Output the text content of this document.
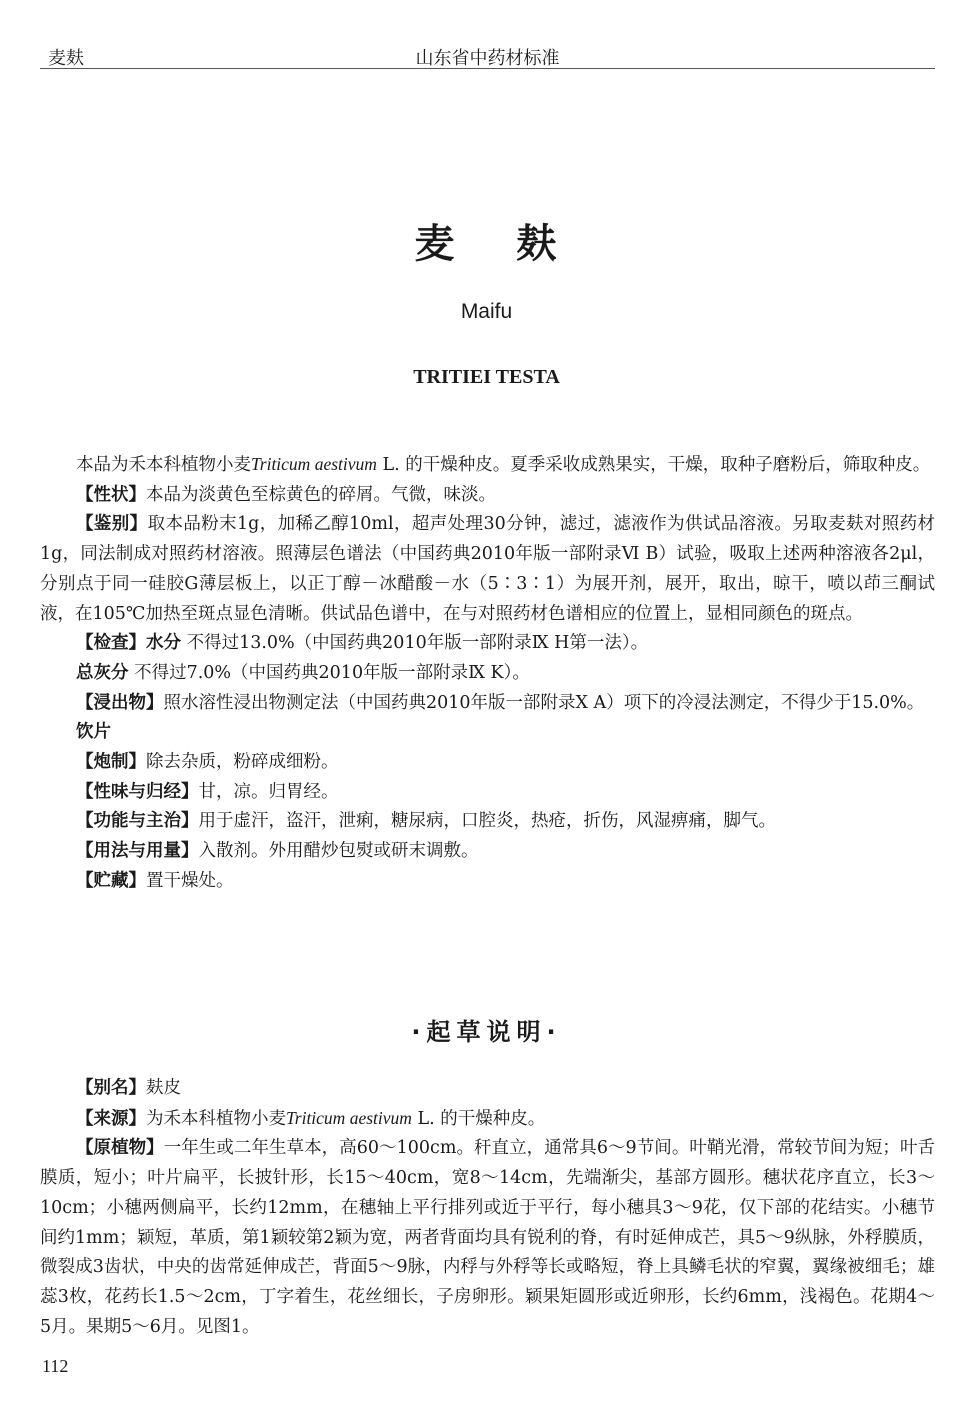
麦麸	山东省中药材标准
麦 麸
Maifu
TRITIEI TESTA

本品为禾本科植物小麦Triticum aestivum L. 的干燥种皮。夏季采收成熟果实，干燥，取种子磨粉后，筛取种皮。

【性状】本品为淡黄色至棕黄色的碎屑。气微，味淡。

【鉴别】取本品粉末1g，加稀乙醇10ml，超声处理30分钟，滤过，滤液作为供试品溶液。另取麦麸对照药材1g，同法制成对照药材溶液。照薄层色谱法（中国药典2010年版一部附录Ⅵ B）试验，吸取上述两种溶液各2μl，分别点于同一硅胶G薄层板上，以正丁醇－冰醋酸－水（5∶3∶1）为展开剂，展开，取出，晾干，喷以茚三酮试液，在105℃加热至斑点显色清晰。供试品色谱中，在与对照药材色谱相应的位置上，显相同颜色的斑点。

【检查】水分 不得过13.0%（中国药典2010年版一部附录Ⅸ H第一法）。

总灰分 不得过7.0%（中国药典2010年版一部附录Ⅸ K）。

【浸出物】照水溶性浸出物测定法（中国药典2010年版一部附录Ⅹ A）项下的冷浸法测定，不得少于15.0%。

饮片

【炮制】除去杂质，粉碎成细粉。

【性味与归经】甘，凉。归胃经。

【功能与主治】用于虚汗，盗汗，泄痢，糖尿病，口腔炎，热疮，折伤，风湿痹痛，脚气。

【用法与用量】入散剂。外用醋炒包熨或研末调敷。

【贮藏】置干燥处。

·起草说明·

【别名】麸皮

【来源】为禾本科植物小麦Triticum aestivum L. 的干燥种皮。

【原植物】一年生或二年生草本，高60～100cm。秆直立，通常具6～9节间。叶鞘光滑，常较节间为短；叶舌膜质，短小；叶片扁平，长披针形，长15～40cm，宽8～14cm，先端渐尖，基部方圆形。穗状花序直立，长3～10cm；小穗两侧扁平，长约12mm，在穗轴上平行排列或近于平行，每小穗具3～9花，仅下部的花结实。小穗节间约1mm；颖短，革质，第1颖较第2颖为宽，两者背面均具有锐利的脊，有时延伸成芒，具5～9纵脉，外稃膜质，微裂成3齿状，中央的齿常延伸成芒，背面5～9脉，内稃与外稃等长或略短，脊上具鳞毛状的窄翼，翼缘被细毛；雄蕊3枚，花药长1.5～2cm，丁字着生，花丝细长，子房卵形。颖果矩圆形或近卵形，长约6mm，浅褐色。花期4～5月。果期5～6月。见图1。

112
